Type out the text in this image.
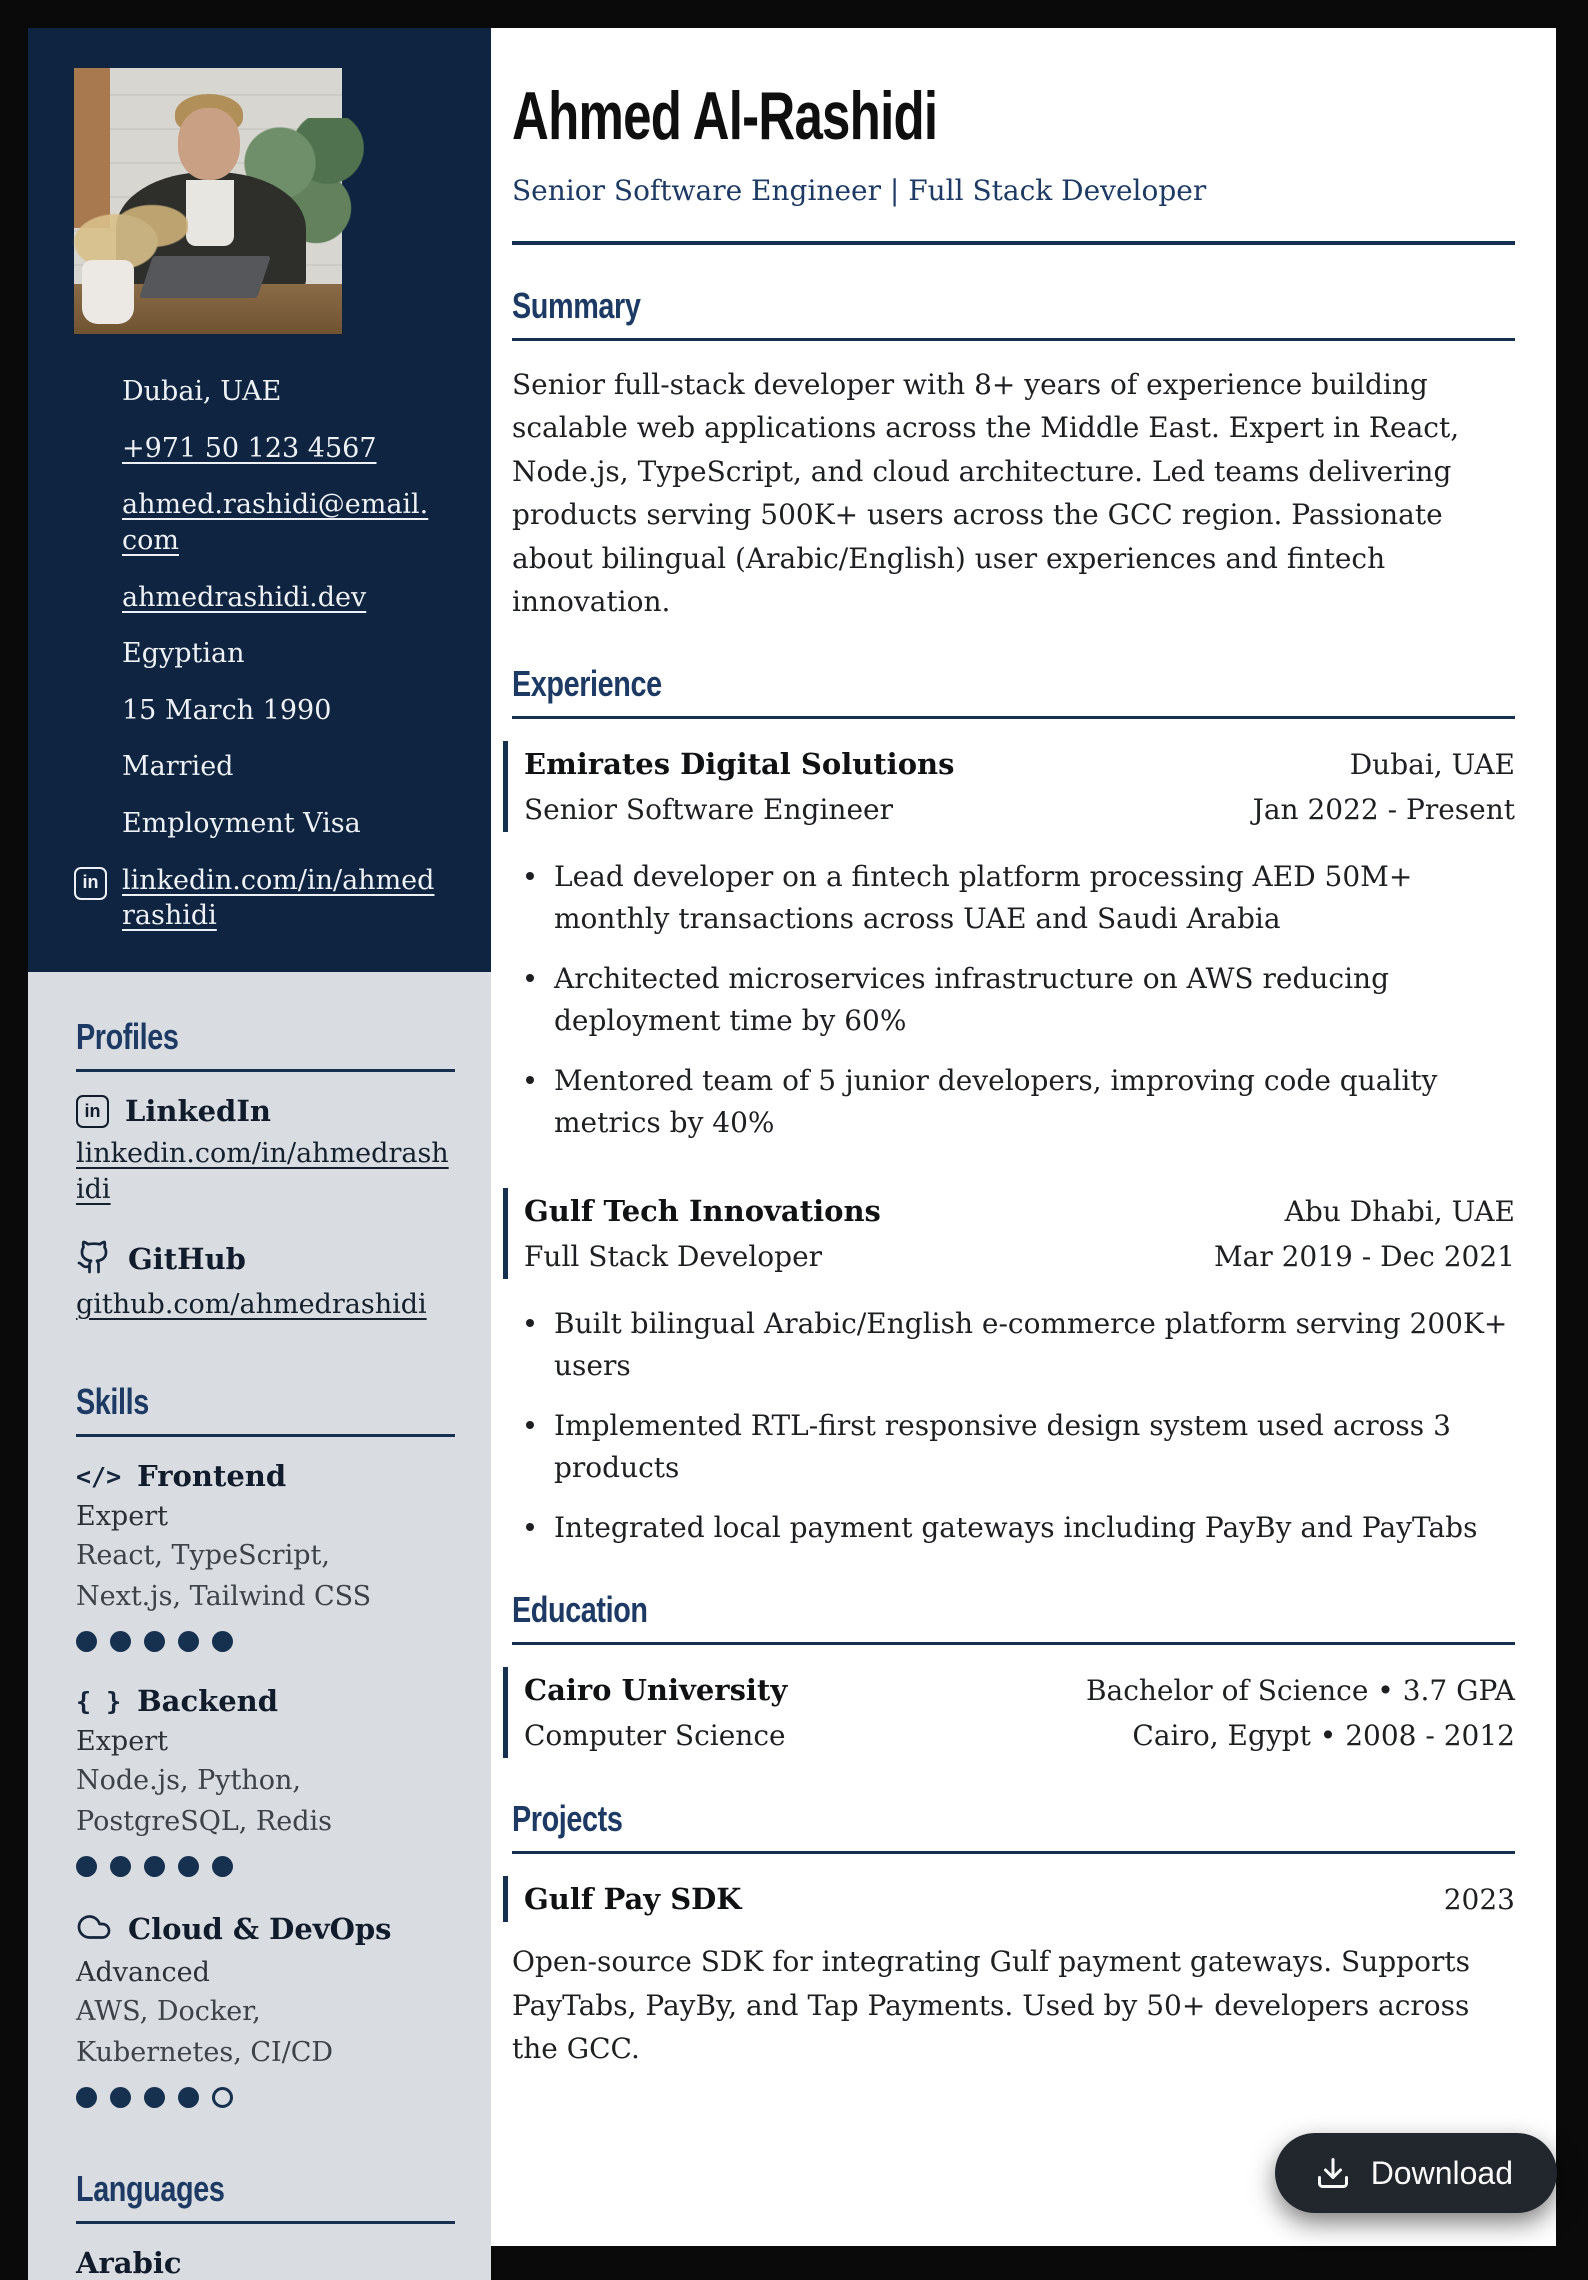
Dubai, UAE
+971 50 123 4567
ahmed.rashidi@email.com
ahmedrashidi.dev
Egyptian
15 March 1990
Married
Employment Visa
in linkedin.com/in/ahmedrashidi
Profiles
in LinkedIn
linkedin.com/in/ahmedrashidi
GitHub
github.com/ahmedrashidi
Skills
</> Frontend
Expert
React, TypeScript, Next.js, Tailwind CSS
{ } Backend
Expert
Node.js, Python, PostgreSQL, Redis
Cloud & DevOps
Advanced
AWS, Docker, Kubernetes, CI/CD
Languages
Arabic
Ahmed Al-Rashidi
Senior Software Engineer | Full Stack Developer
Summary

Senior full-stack developer with 8+ years of experience building scalable web applications across the Middle East. Expert in React, Node.js, TypeScript, and cloud architecture. Led teams delivering products serving 500K+ users across the GCC region. Passionate about bilingual (Arabic/English) user experiences and fintech innovation.

Experience
Emirates Digital Solutions	Dubai, UAE
Senior Software Engineer	Jan 2022 - Present
Lead developer on a fintech platform processing AED 50M+ monthly transactions across UAE and Saudi Arabia
Architected microservices infrastructure on AWS reducing deployment time by 60%
Mentored team of 5 junior developers, improving code quality metrics by 40%
Gulf Tech Innovations	Abu Dhabi, UAE
Full Stack Developer	Mar 2019 - Dec 2021
Built bilingual Arabic/English e-commerce platform serving 200K+ users
Implemented RTL-first responsive design system used across 3 products
Integrated local payment gateways including PayBy and PayTabs
Education
Cairo University	Bachelor of Science • 3.7 GPA
Computer Science	Cairo, Egypt • 2008 - 2012
Projects
Gulf Pay SDK	2023

Open-source SDK for integrating Gulf payment gateways. Supports PayTabs, PayBy, and Tap Payments. Used by 50+ developers across the GCC.

Download
